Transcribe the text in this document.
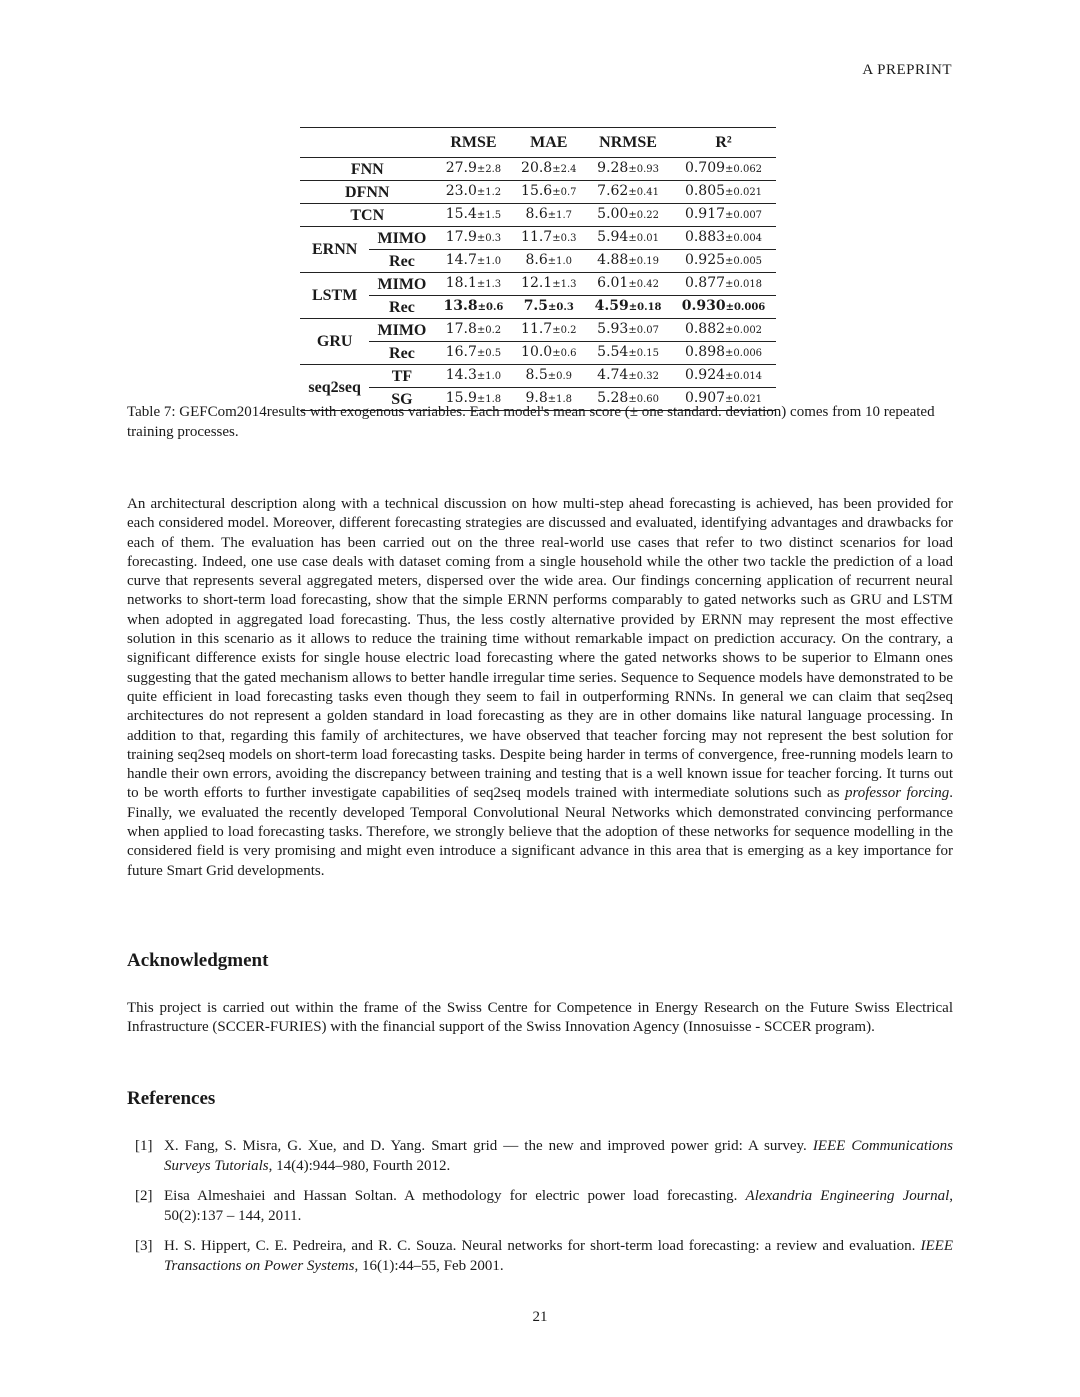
A PREPRINT
		RMSE	MAE	NRMSE	R²
FNN		27.9±2.8	20.8±2.4	9.28±0.93	0.709±0.062
DFNN		23.0±1.2	15.6±0.7	7.62±0.41	0.805±0.021
TCN		15.4±1.5	8.6±1.7	5.00±0.22	0.917±0.007
ERNN	MIMO	17.9±0.3	11.7±0.3	5.94±0.01	0.883±0.004
	Rec	14.7±1.0	8.6±1.0	4.88±0.19	0.925±0.005
LSTM	MIMO	18.1±1.3	12.1±1.3	6.01±0.42	0.877±0.018
	Rec	13.8±0.6	7.5±0.3	4.59±0.18	0.930±0.006
GRU	MIMO	17.8±0.2	11.7±0.2	5.93±0.07	0.882±0.002
	Rec	16.7±0.5	10.0±0.6	5.54±0.15	0.898±0.006
seq2seq	TF	14.3±1.0	8.5±0.9	4.74±0.32	0.924±0.014
	SG	15.9±1.8	9.8±1.8	5.28±0.60	0.907±0.021
Table 7: GEFCom2014results with exogenous variables. Each model's mean score (± one standard. deviation) comes from 10 repeated training processes.
An architectural description along with a technical discussion on how multi-step ahead forecasting is achieved, has been provided for each considered model. Moreover, different forecasting strategies are discussed and evaluated, identifying advantages and drawbacks for each of them. The evaluation has been carried out on the three real-world use cases that refer to two distinct scenarios for load forecasting. Indeed, one use case deals with dataset coming from a single household while the other two tackle the prediction of a load curve that represents several aggregated meters, dispersed over the wide area. Our findings concerning application of recurrent neural networks to short-term load forecasting, show that the simple ERNN performs comparably to gated networks such as GRU and LSTM when adopted in aggregated load forecasting. Thus, the less costly alternative provided by ERNN may represent the most effective solution in this scenario as it allows to reduce the training time without remarkable impact on prediction accuracy. On the contrary, a significant difference exists for single house electric load forecasting where the gated networks shows to be superior to Elmann ones suggesting that the gated mechanism allows to better handle irregular time series. Sequence to Sequence models have demonstrated to be quite efficient in load forecasting tasks even though they seem to fail in outperforming RNNs. In general we can claim that seq2seq architectures do not represent a golden standard in load forecasting as they are in other domains like natural language processing. In addition to that, regarding this family of architectures, we have observed that teacher forcing may not represent the best solution for training seq2seq models on short-term load forecasting tasks. Despite being harder in terms of convergence, free-running models learn to handle their own errors, avoiding the discrepancy between training and testing that is a well known issue for teacher forcing. It turns out to be worth efforts to further investigate capabilities of seq2seq models trained with intermediate solutions such as professor forcing. Finally, we evaluated the recently developed Temporal Convolutional Neural Networks which demonstrated convincing performance when applied to load forecasting tasks. Therefore, we strongly believe that the adoption of these networks for sequence modelling in the considered field is very promising and might even introduce a significant advance in this area that is emerging as a key importance for future Smart Grid developments.
Acknowledgment
This project is carried out within the frame of the Swiss Centre for Competence in Energy Research on the Future Swiss Electrical Infrastructure (SCCER-FURIES) with the financial support of the Swiss Innovation Agency (Innosuisse - SCCER program).
References
[1] X. Fang, S. Misra, G. Xue, and D. Yang. Smart grid — the new and improved power grid: A survey. IEEE Communications Surveys Tutorials, 14(4):944–980, Fourth 2012.
[2] Eisa Almeshaiei and Hassan Soltan. A methodology for electric power load forecasting. Alexandria Engineering Journal, 50(2):137 – 144, 2011.
[3] H. S. Hippert, C. E. Pedreira, and R. C. Souza. Neural networks for short-term load forecasting: a review and evaluation. IEEE Transactions on Power Systems, 16(1):44–55, Feb 2001.
21
